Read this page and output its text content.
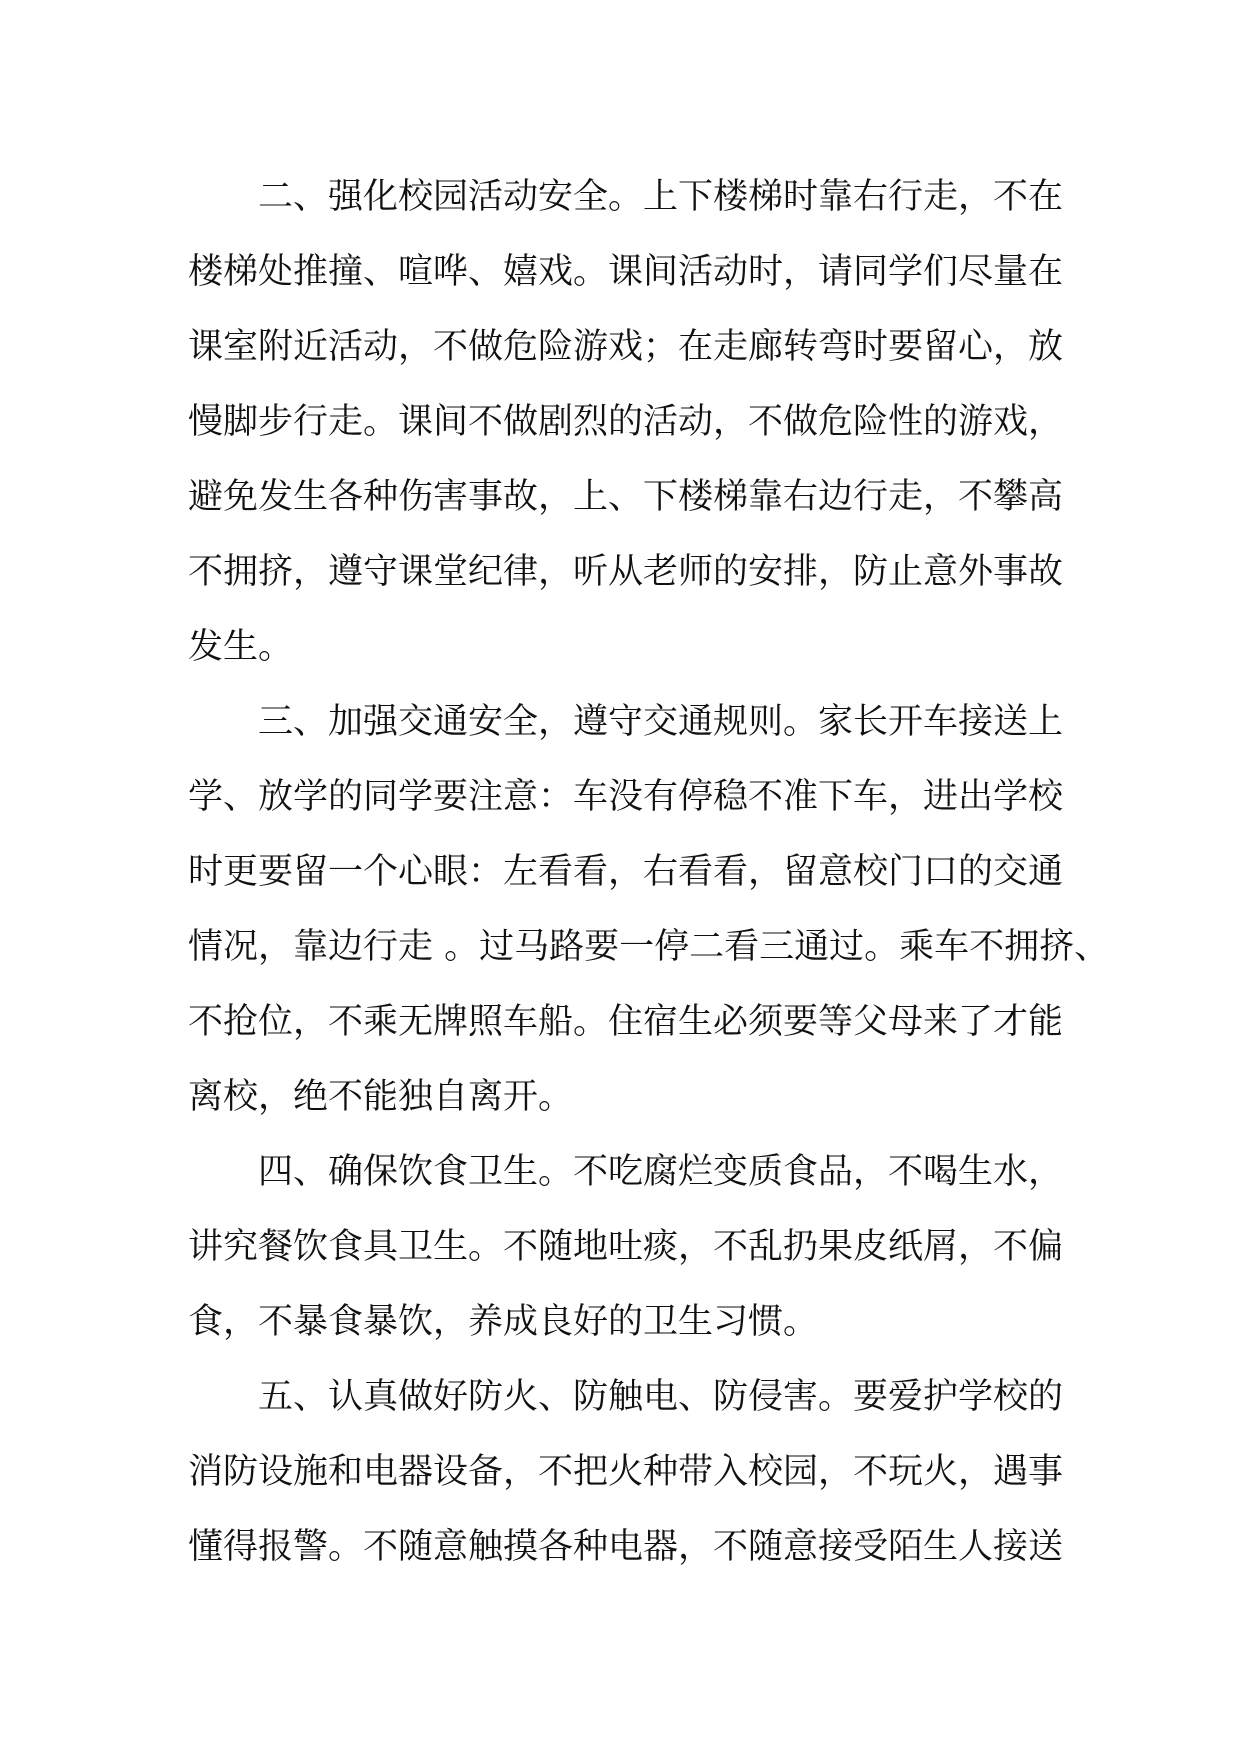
二、强化校园活动安全。上下楼梯时靠右行走，不在
楼梯处推撞、喧哗、嬉戏。课间活动时，请同学们尽量在
课室附近活动，不做危险游戏；在走廊转弯时要留心，放
慢脚步行走。课间不做剧烈的活动，不做危险性的游戏，
避免发生各种伤害事故，上、下楼梯靠右边行走，不攀高
不拥挤，遵守课堂纪律，听从老师的安排，防止意外事故
发生。

三、加强交通安全，遵守交通规则。家长开车接送上
学、放学的同学要注意：车没有停稳不准下车，进出学校
时更要留一个心眼：左看看，右看看，留意校门口的交通
情况，靠边行走 。过马路要一停二看三通过。乘车不拥挤、
不抢位，不乘无牌照车船。住宿生必须要等父母来了才能
离校，绝不能独自离开。

四、确保饮食卫生。不吃腐烂变质食品，不喝生水，
讲究餐饮食具卫生。不随地吐痰，不乱扔果皮纸屑，不偏
食，不暴食暴饮，养成良好的卫生习惯。

五、认真做好防火、防触电、防侵害。要爱护学校的
消防设施和电器设备，不把火种带入校园，不玩火，遇事
懂得报警。不随意触摸各种电器，不随意接受陌生人接送
